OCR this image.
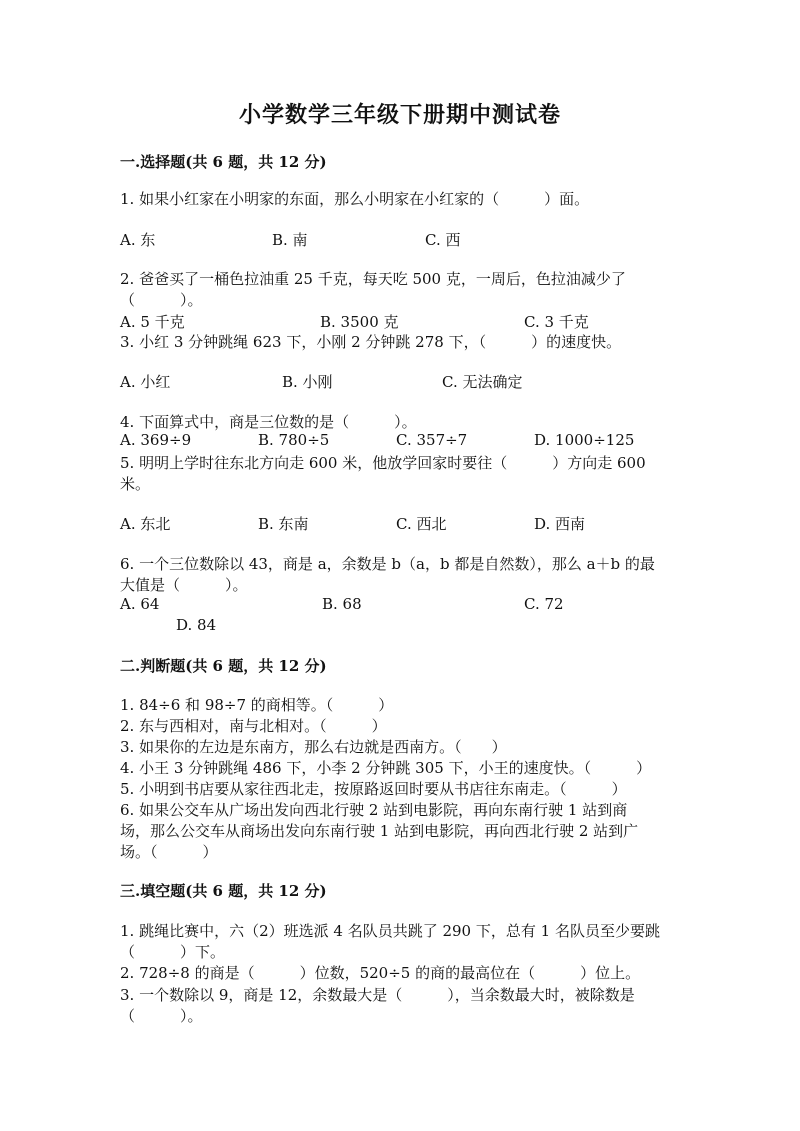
小学数学三年级下册期中测试卷
一.选择题(共 6 题，共 12 分)
1. 如果小红家在小明家的东面，那么小明家在小红家的（　　　）面。
A. 东	B. 南	C. 西
2. 爸爸买了一桶色拉油重 25 千克，每天吃 500 克，一周后，色拉油减少了
（　　　）。
A. 5 千克	B. 3500 克	C. 3 千克
3. 小红 3 分钟跳绳 623 下，小刚 2 分钟跳 278 下，（　　　）的速度快。
A. 小红	B. 小刚	C. 无法确定
4. 下面算式中，商是三位数的是（　　　）。
A. 369÷9	B. 780÷5	C. 357÷7	D. 1000÷125
5. 明明上学时往东北方向走 600 米，他放学回家时要往（　　　）方向走 600
米。
A. 东北	B. 东南	C. 西北	D. 西南
6. 一个三位数除以 43，商是 a，余数是 b（a，b 都是自然数），那么 a＋b 的最
大值是（　　　）。
A. 64	B. 68	C. 72
D. 84
二.判断题(共 6 题，共 12 分)
1. 84÷6 和 98÷7 的商相等。（　　　）
2. 东与西相对，南与北相对。（　　　）
3. 如果你的左边是东南方，那么右边就是西南方。（　　）
4. 小王 3 分钟跳绳 486 下，小李 2 分钟跳 305 下，小王的速度快。（　　　）
5. 小明到书店要从家往西北走，按原路返回时要从书店往东南走。（　　　）
6. 如果公交车从广场出发向西北行驶 2 站到电影院，再向东南行驶 1 站到商
场，那么公交车从商场出发向东南行驶 1 站到电影院，再向西北行驶 2 站到广
场。（　　　）
三.填空题(共 6 题，共 12 分)
1. 跳绳比赛中，六（2）班选派 4 名队员共跳了 290 下，总有 1 名队员至少要跳
（　　　）下。
2. 728÷8 的商是（　　　）位数，520÷5 的商的最高位在（　　　）位上。
3. 一个数除以 9，商是 12，余数最大是（　　　），当余数最大时，被除数是
（　　　）。
